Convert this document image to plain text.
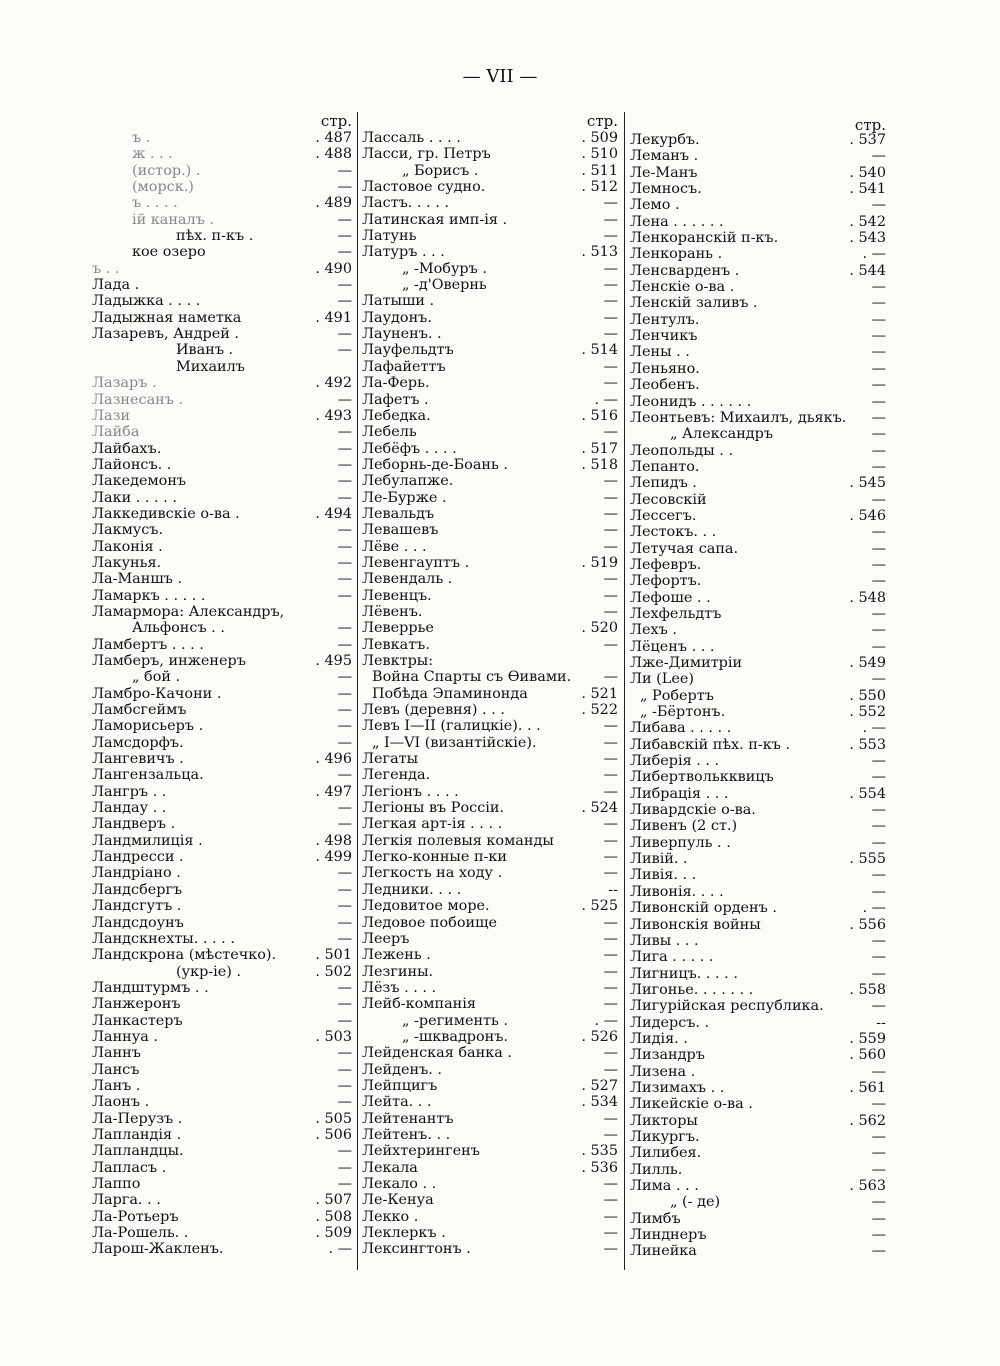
— VII —
стр.
ъ .	. 487
ж . . .	. 488
(истор.) .	—
(морск.)	—
ъ . . . .	. 489
ій каналъ .	—
пѣх. п-къ .	—
кое озеро	—
ъ . .	. 490
Лада .	—
Ладыжка . . . .	—
Ладыжная наметка	. 491
Лазаревъ, Андрей .	—
Иванъ .	—
Михаилъ
Лазаръ .	. 492
Лазнесанъ .	—
Лази	. 493
Лайба	—
Лайбахъ.	—
Лайонсъ. .	—
Лакедемонъ	—
Лаки . . . . .	—
Лаккедивскіе о-ва .	. 494
Лакмусъ.	—
Лаконія .	—
Лакунья.	—
Ла-Маншъ .	—
Ламаркъ . . . . .	—
Ламармора: Александръ,
Альфонсъ . .	—
Ламбертъ . . . .	—
Ламберъ, инженеръ	. 495
„ бой .	—
Ламбро-Качони .	—
Ламбсгеймъ	—
Ламорисьеръ .	—
Ламсдорфъ.	—
Лангевичъ .	. 496
Лангензальца.	—
Лангръ . .	. 497
Ландау . .	—
Ландверъ .	—
Ландмилиція .	. 498
Ландресси .	. 499
Ландріано .	—
Ландсбергъ	—
Ландсгутъ .	—
Ландсдоунъ	—
Ландскнехты. . . . .	—
Ландскрона (мѣстечко).	. 501
(укр-іе) .	. 502
Ландштурмъ . .	—
Ланжеронъ	—
Ланкастеръ	—
Ланнуа .	. 503
Ланнъ	—
Лансъ	—
Ланъ .	—
Лаонъ .	—
Ла-Перузъ .	. 505
Лапландія .	. 506
Лапландцы.	—
Лапласъ .	—
Лаппо	—
Ларга. . .	. 507
Ла-Ротьеръ	. 508
Ла-Рошель. .	. 509
Ларош-Жакленъ.	. —
стр.
Лассаль . . . .	. 509
Ласси, гр. Петръ	. 510
„ Борисъ .	. 511
Ластовое судно.	. 512
Ластъ. . . . .	—
Латинская имп-ія .	—
Латунь	—
Латуръ . . .	. 513
„ -Мобуръ .	—
„ -д'Овернь	—
Латыши .	—
Лаудонъ.	—
Лауненъ. .	—
Лауфельдтъ	. 514
Лафайеттъ	—
Ла-Ферь.	—
Лафетъ .	. —
Лебедка.	. 516
Лебель	—
Лебёфъ . . . .	. 517
Леборнь-де-Боань .	. 518
Лебулапже.	—
Ле-Бурже .	—
Левальдъ	—
Левашевъ	—
Лёве . . .	—
Левенгауптъ .	. 519
Левендаль .	—
Левенцъ.	—
Лёвенъ.	—
Леверрье	. 520
Левкатъ.	—
Левктры:
Война Спарты съ Ѳивами. —
Побѣда Эпаминонда	. 521
Левъ (деревня) . . .	. 522
Левъ I—II (галицкіе). . .	—
„ I—VI (византійскіе).	—
Легаты	—
Легенда.	—
Легіонъ . . . .	—
Легіоны въ Россіи.	. 524
Легкая арт-ія . . . .	—
Легкія полевыя команды	—
Легко-конные п-ки	—
Легкость на ходу .	—
Ледники. . . .	--
Ледовитое море.	. 525
Ледовое побоище	—
Лееръ	—
Лежень .	—
Лезгины.	—
Лёзъ . . . .	—
Лейб-компанія	—
„ -регименть .	. —
„ -шквадронъ.	. 526
Лейденская банка .	—
Лейденъ. .	—
Лейпцигъ	. 527
Лейта. . .	. 534
Лейтенантъ	—
Лейтенъ. . .	—
Лейхтерингенъ	. 535
Лекала	. 536
Лекало . .	—
Ле-Кенуа	—
Лекко .	—
Леклеркъ .	—
Лексингтонъ .	—
стр.
Лекурбъ.	. 537
Леманъ .	—
Ле-Манъ	. 540
Лемносъ.	. 541
Лемо .	—
Лена . . . . . .	. 542
Ленкоранскій п-къ.	. 543
Ленкорань .	. —
Ленсварденъ .	. 544
Ленскіе о-ва .	—
Ленскій заливъ .	—
Лентулъ.	—
Ленчикъ	—
Лены . .	—
Леньяно.	—
Леобенъ.	—
Леонидъ . . . . . .	—
Леонтьевъ: Михаилъ, дьякъ. —
„ Александръ	—
Леопольды . .	—
Лепанто.	—
Лепидъ .	. 545
Лесовскій	—
Лессегъ.	. 546
Лестокъ. . .	—
Летучая сапа.	—
Лефевръ.	—
Лефортъ.	—
Лефоше . .	. 548
Лехфельдтъ	—
Лехъ .	—
Лёценъ . . .	—
Лже-Димитріи	. 549
Ли (Lee)	—
„ Робертъ	. 550
„ -Бёртонъ.	. 552
Либава . . . . .	. —
Либавскій пѣх. п-къ .	. 553
Либерія . . .	—
Либертволькквицъ	—
Либрація . . .	. 554
Ливардскіе о-ва.	—
Ливенъ (2 ст.)	—
Ливерпуль . .	—
Ливій. .	. 555
Ливія. . .	—
Ливонія. . . .	—
Ливонскій орденъ .	. —
Ливонскія войны	. 556
Ливы . . .	—
Лига . . . . .	—
Лигницъ. . . . .	—
Лигонье. . . . . . .	. 558
Лигурійская республика.	—
Лидерсъ. .	--
Лидія. .	. 559
Лизандръ	. 560
Лизена .	—
Лизимахъ . .	. 561
Ликейскіе о-ва .	—
Ликторы	. 562
Ликургъ.	—
Лилибея.	—
Лилль.	—
Лима . . .	. 563
„ (- де)	—
Лимбъ	—
Линднеръ	—
Линейка	—
